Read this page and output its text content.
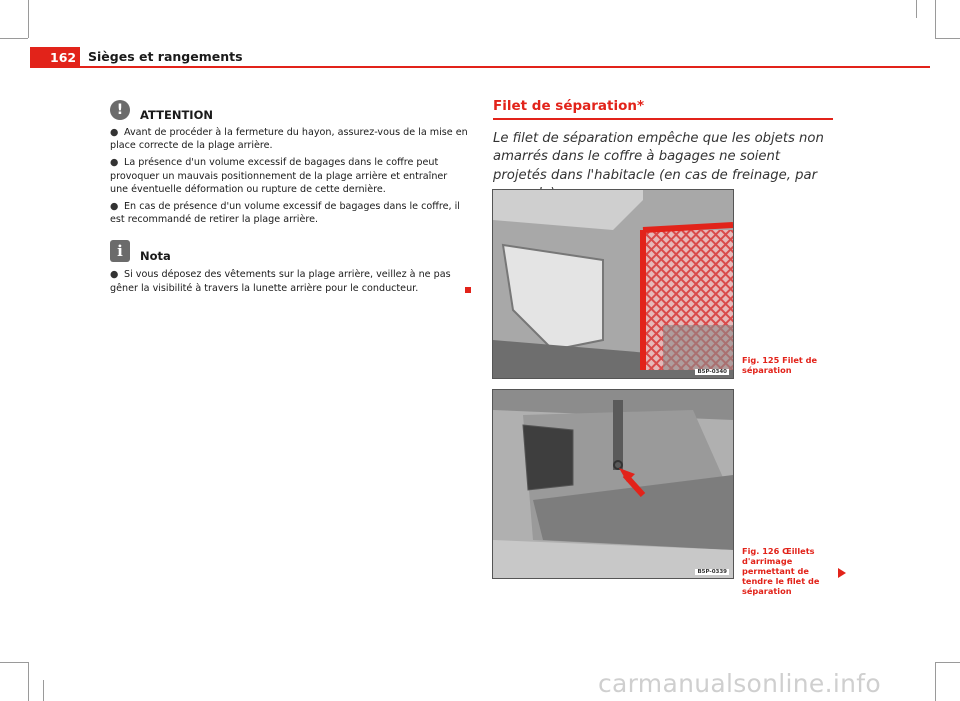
162 Sièges et rangements
!	ATTENTION

● Avant de procéder à la fermeture du hayon, assurez-vous de la mise en place correcte de la plage arrière.

● La présence d'un volume excessif de bagages dans le coffre peut provoquer un mauvais positionnement de la plage arrière et entraîner une éventuelle déformation ou rupture de cette dernière.

● En cas de présence d'un volume excessif de bagages dans le coffre, il est recommandé de retirer la plage arrière.

i	Nota

● Si vous déposez des vêtements sur la plage arrière, veillez à ne pas gêner la visibilité à travers la lunette arrière pour le conducteur.

Filet de séparation*
Le filet de séparation empêche que les objets non amarrés dans le coffre à bagages ne soient projetés dans l'habitacle (en cas de freinage, par
B5P-0340
Fig. 125 Filet de séparation
B5P-0339
Fig. 126 Œillets d'arrimage permettant de tendre le filet de séparation
carmanualsonline.info
